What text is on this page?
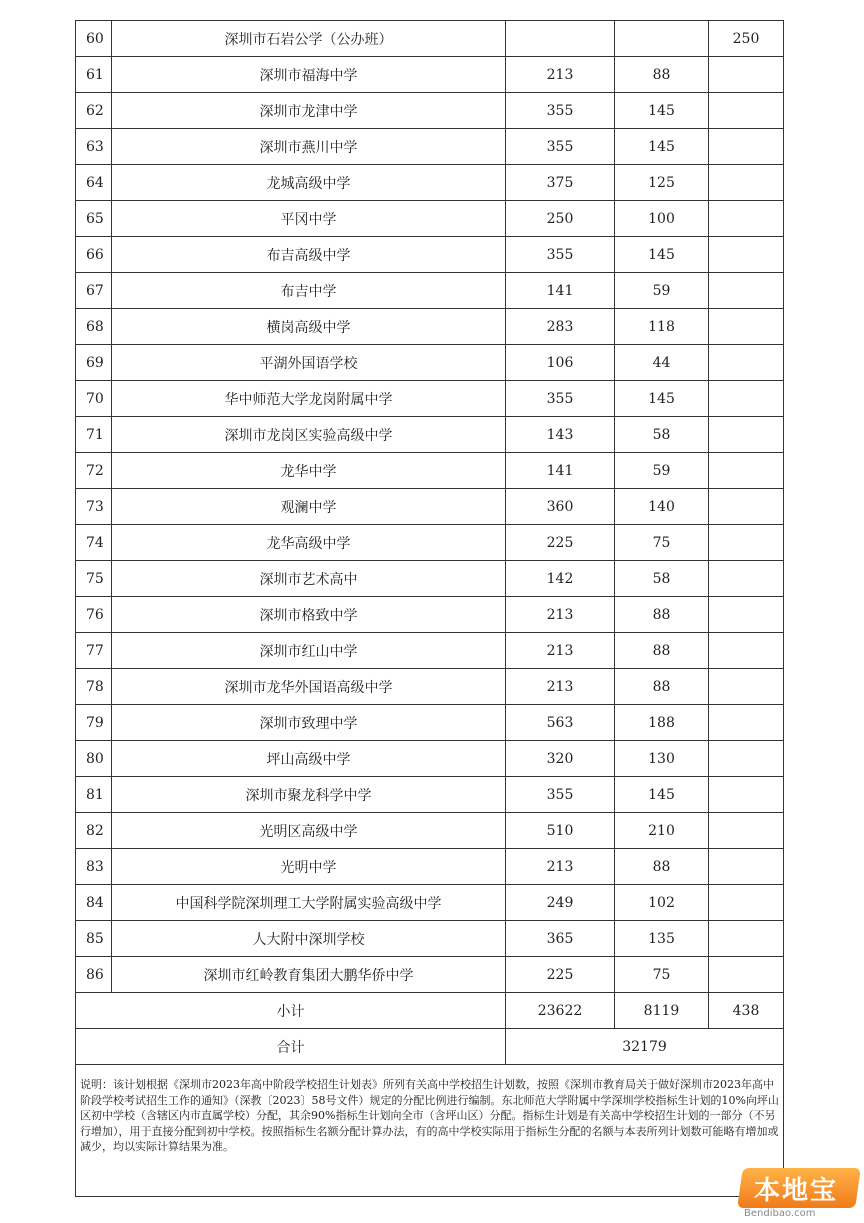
60	深圳市石岩公学（公办班）			250
61	深圳市福海中学	213	88	
62	深圳市龙津中学	355	145	
63	深圳市燕川中学	355	145	
64	龙城高级中学	375	125	
65	平冈中学	250	100	
66	布吉高级中学	355	145	
67	布吉中学	141	59	
68	横岗高级中学	283	118	
69	平湖外国语学校	106	44	
70	华中师范大学龙岗附属中学	355	145	
71	深圳市龙岗区实验高级中学	143	58	
72	龙华中学	141	59	
73	观澜中学	360	140	
74	龙华高级中学	225	75	
75	深圳市艺术高中	142	58	
76	深圳市格致中学	213	88	
77	深圳市红山中学	213	88	
78	深圳市龙华外国语高级中学	213	88	
79	深圳市致理中学	563	188	
80	坪山高级中学	320	130	
81	深圳市聚龙科学中学	355	145	
82	光明区高级中学	510	210	
83	光明中学	213	88	
84	中国科学院深圳理工大学附属实验高级中学	249	102	
85	人大附中深圳学校	365	135	
86	深圳市红岭教育集团大鹏华侨中学	225	75	
小计		23622	8119	438
合计		32179		
说明：该计划根据《深圳市2023年高中阶段学校招生计划表》所列有关高中学校招生计划数，按照《深圳市教育局关于做好深圳市2023年高中阶段学校考试招生工作的通知》（深教〔2023〕58号文件）规定的分配比例进行编制。东北师范大学附属中学深圳学校指标生计划的10%向坪山区初中学校（含辖区内市直属学校）分配，其余90%指标生计划向全市（含坪山区）分配。指标生计划是有关高中学校招生计划的一部分（不另行增加），用于直接分配到初中学校。按照指标生名额分配计算办法，有的高中学校实际用于指标生分配的名额与本表所列计划数可能略有增加或减少，均以实际计算结果为准。				
本地宝
Bendibao.com
